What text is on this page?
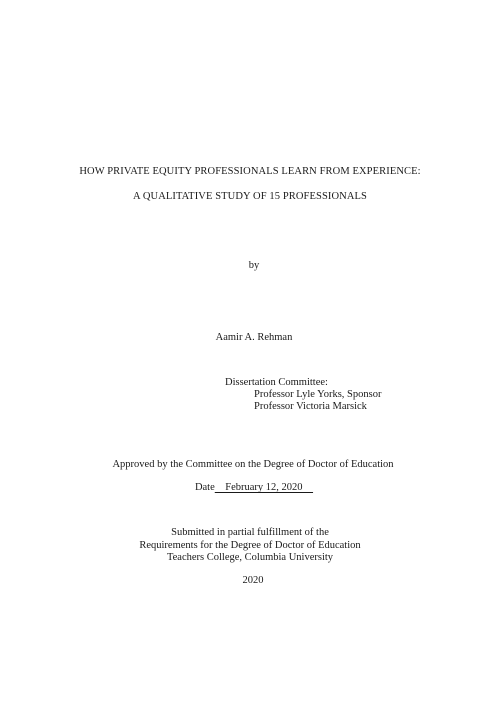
HOW PRIVATE EQUITY PROFESSIONALS LEARN FROM EXPERIENCE:
A QUALITATIVE STUDY OF 15 PROFESSIONALS
by
Aamir A. Rehman
Dissertation Committee:
Professor Lyle Yorks, Sponsor
Professor Victoria Marsick
Approved by the Committee on the Degree of Doctor of Education
Date    February 12, 2020
Submitted in partial fulfillment of the
Requirements for the Degree of Doctor of Education
Teachers College, Columbia University
2020
